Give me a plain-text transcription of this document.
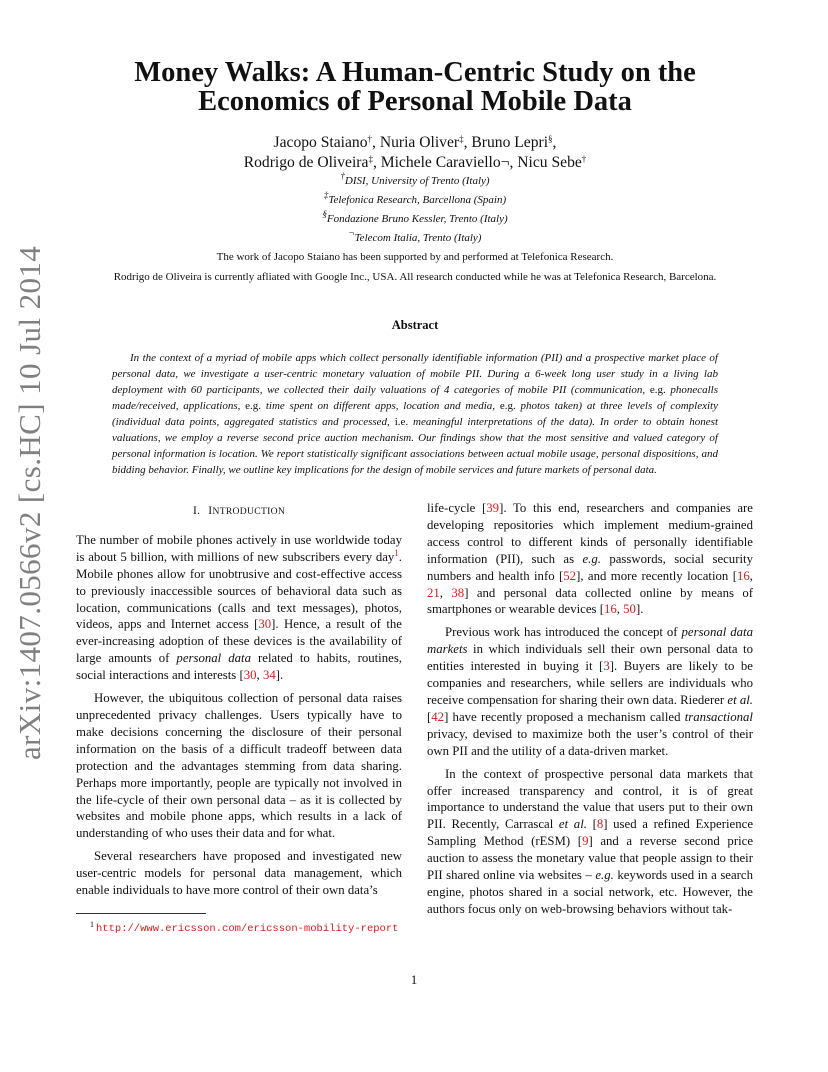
arXiv:1407.0566v2 [cs.HC] 10 Jul 2014
Money Walks: A Human-Centric Study on the
Economics of Personal Mobile Data
Jacopo Staiano†, Nuria Oliver‡, Bruno Lepri§,
Rodrigo de Oliveira‡, Michele Caraviello¬, Nicu Sebe†
†DISI, University of Trento (Italy)
‡Telefonica Research, Barcellona (Spain)
§Fondazione Bruno Kessler, Trento (Italy)
¬Telecom Italia, Trento (Italy)
The work of Jacopo Staiano has been supported by and performed at Telefonica Research.
Rodrigo de Oliveira is currently afliated with Google Inc., USA. All research conducted while he was at Telefonica Research, Barcelona.
Abstract

In the context of a myriad of mobile apps which collect personally identifiable information (PII) and a prospective market place of personal data, we investigate a user-centric monetary valuation of mobile PII. During a 6-week long user study in a living lab deployment with 60 participants, we collected their daily valuations of 4 categories of mobile PII (communication, e.g. phonecalls made/received, applications, e.g. time spent on different apps, location and media, e.g. photos taken) at three levels of complexity (individual data points, aggregated statistics and processed, i.e. meaningful interpretations of the data). In order to obtain honest valuations, we employ a reverse second price auction mechanism. Our findings show that the most sensitive and valued category of personal information is location. We report statistically significant associations between actual mobile usage, personal dispositions, and bidding behavior. Finally, we outline key implications for the design of mobile services and future markets of personal data.

I. INTRODUCTION

The number of mobile phones actively in use worldwide today is about 5 billion, with millions of new subscribers every day$^1$. Mobile phones allow for unobtrusive and cost-effective access to previously inaccessible sources of behavioral data such as location, communications (calls and text messages), photos, videos, apps and Internet access [30]. Hence, a result of the ever-increasing adoption of these devices is the availability of large amounts of personal data related to habits, routines, social interactions and interests [30, 34].

However, the ubiquitous collection of personal data raises unprecedented privacy challenges. Users typically have to make decisions concerning the disclosure of their personal information on the basis of a difficult tradeoff between data protection and the advantages stemming from data sharing. Perhaps more importantly, people are typically not involved in the life-cycle of their own personal data – as it is collected by websites and mobile phone apps, which results in a lack of understanding of who uses their data and for what.

Several researchers have proposed and investigated new user-centric models for personal data management, which enable individuals to have more control of their own data’s

life-cycle [39]. To this end, researchers and companies are developing repositories which implement medium-grained access control to different kinds of personally identifiable information (PII), such as e.g. passwords, social security numbers and health info [52], and more recently location [16, 21, 38] and personal data collected online by means of smartphones or wearable devices [16, 50].

Previous work has introduced the concept of personal data markets in which individuals sell their own personal data to entities interested in buying it [3]. Buyers are likely to be companies and researchers, while sellers are individuals who receive compensation for sharing their own data. Riederer et al. [42] have recently proposed a mechanism called transactional privacy, devised to maximize both the user’s control of their own PII and the utility of a data-driven market.

In the context of prospective personal data markets that offer increased transparency and control, it is of great importance to understand the value that users put to their own PII. Recently, Carrascal et al. [8] used a refined Experience Sampling Method (rESM) [9] and a reverse second price auction to assess the monetary value that people assign to their PII shared online via websites – e.g. keywords used in a search engine, photos shared in a social network, etc. However, the authors focus only on web-browsing behaviors without tak-

$^1$ http://www.ericsson.com/ericsson-mobility-report
1
